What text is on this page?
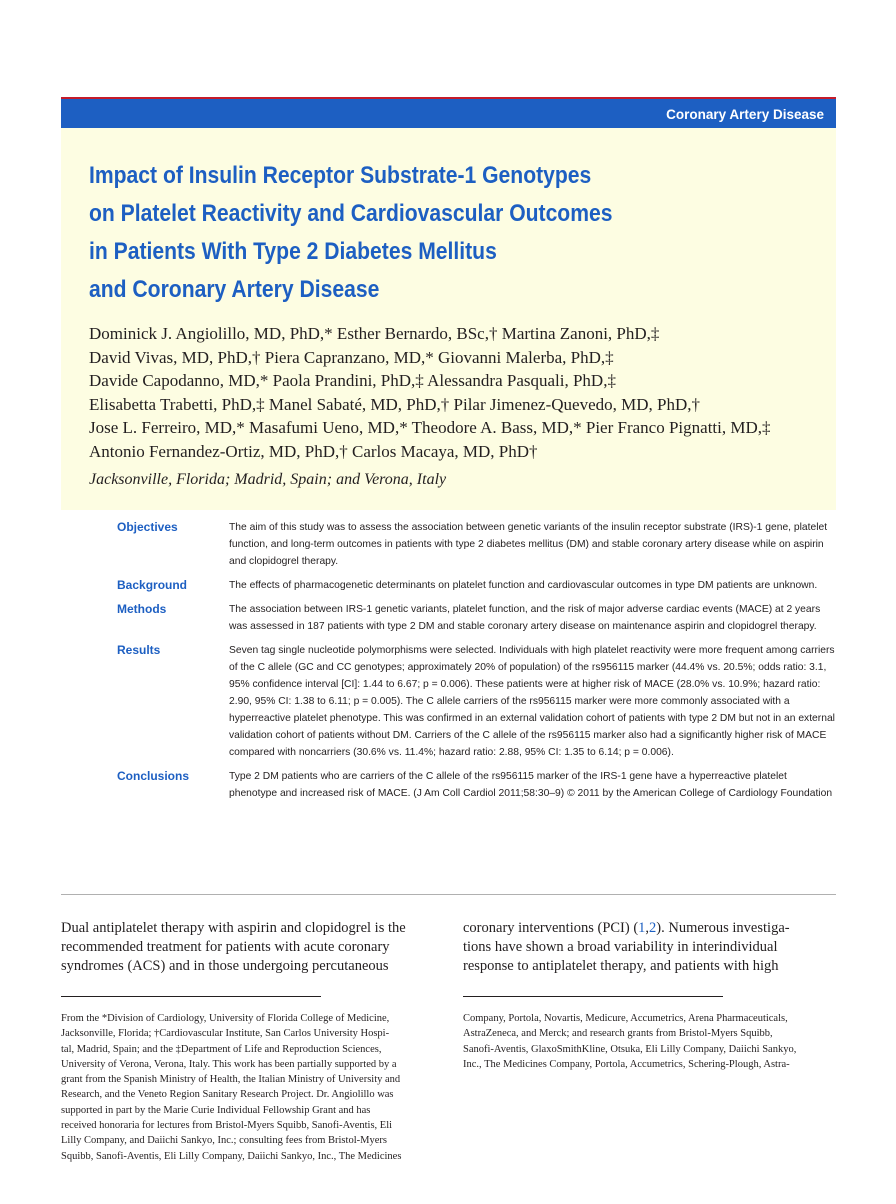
Coronary Artery Disease
Impact of Insulin Receptor Substrate-1 Genotypes
on Platelet Reactivity and Cardiovascular Outcomes
in Patients With Type 2 Diabetes Mellitus
and Coronary Artery Disease
Dominick J. Angiolillo, MD, PhD,* Esther Bernardo, BSc,† Martina Zanoni, PhD,‡
David Vivas, MD, PhD,† Piera Capranzano, MD,* Giovanni Malerba, PhD,‡
Davide Capodanno, MD,* Paola Prandini, PhD,‡ Alessandra Pasquali, PhD,‡
Elisabetta Trabetti, PhD,‡ Manel Sabaté, MD, PhD,† Pilar Jimenez-Quevedo, MD, PhD,†
Jose L. Ferreiro, MD,* Masafumi Ueno, MD,* Theodore A. Bass, MD,* Pier Franco Pignatti, MD,‡
Antonio Fernandez-Ortiz, MD, PhD,† Carlos Macaya, MD, PhD†
Jacksonville, Florida; Madrid, Spain; and Verona, Italy
Objectives	The aim of this study was to assess the association between genetic variants of the insulin receptor substrate (IRS)-1 gene, platelet function, and long-term outcomes in patients with type 2 diabetes mellitus (DM) and stable coronary artery disease while on aspirin and clopidogrel therapy.
Background	The effects of pharmacogenetic determinants on platelet function and cardiovascular outcomes in type DM patients are unknown.
Methods	The association between IRS-1 genetic variants, platelet function, and the risk of major adverse cardiac events (MACE) at 2 years was assessed in 187 patients with type 2 DM and stable coronary artery disease on maintenance aspirin and clopidogrel therapy.
Results	Seven tag single nucleotide polymorphisms were selected. Individuals with high platelet reactivity were more frequent among carriers of the C allele (GC and CC genotypes; approximately 20% of population) of the rs956115 marker (44.4% vs. 20.5%; odds ratio: 3.1, 95% confidence interval [CI]: 1.44 to 6.67; p = 0.006). These patients were at higher risk of MACE (28.0% vs. 10.9%; hazard ratio: 2.90, 95% CI: 1.38 to 6.11; p = 0.005). The C allele carriers of the rs956115 marker were more commonly associated with a hyperreactive platelet phenotype. This was confirmed in an external validation cohort of patients with type 2 DM but not in an external validation cohort of patients without DM. Carriers of the C allele of the rs956115 marker also had a significantly higher risk of MACE compared with noncarriers (30.6% vs. 11.4%; hazard ratio: 2.88, 95% CI: 1.35 to 6.14; p = 0.006).
Conclusions	Type 2 DM patients who are carriers of the C allele of the rs956115 marker of the IRS-1 gene have a hyperreactive platelet phenotype and increased risk of MACE. (J Am Coll Cardiol 2011;58:30–9) © 2011 by the American College of Cardiology Foundation
Dual antiplatelet therapy with aspirin and clopidogrel is the
recommended treatment for patients with acute coronary
syndromes (ACS) and in those undergoing percutaneous
coronary interventions (PCI) (1,2). Numerous investiga-
tions have shown a broad variability in interindividual
response to antiplatelet therapy, and patients with high
From the *Division of Cardiology, University of Florida College of Medicine,
Jacksonville, Florida; †Cardiovascular Institute, San Carlos University Hospi-
tal, Madrid, Spain; and the ‡Department of Life and Reproduction Sciences,
University of Verona, Verona, Italy. This work has been partially supported by a
grant from the Spanish Ministry of Health, the Italian Ministry of University and
Research, and the Veneto Region Sanitary Research Project. Dr. Angiolillo was
supported in part by the Marie Curie Individual Fellowship Grant and has
received honoraria for lectures from Bristol-Myers Squibb, Sanofi-Aventis, Eli
Lilly Company, and Daiichi Sankyo, Inc.; consulting fees from Bristol-Myers
Squibb, Sanofi-Aventis, Eli Lilly Company, Daiichi Sankyo, Inc., The Medicines
Company, Portola, Novartis, Medicure, Accumetrics, Arena Pharmaceuticals,
AstraZeneca, and Merck; and research grants from Bristol-Myers Squibb,
Sanofi-Aventis, GlaxoSmithKline, Otsuka, Eli Lilly Company, Daiichi Sankyo,
Inc., The Medicines Company, Portola, Accumetrics, Schering-Plough, Astra-
